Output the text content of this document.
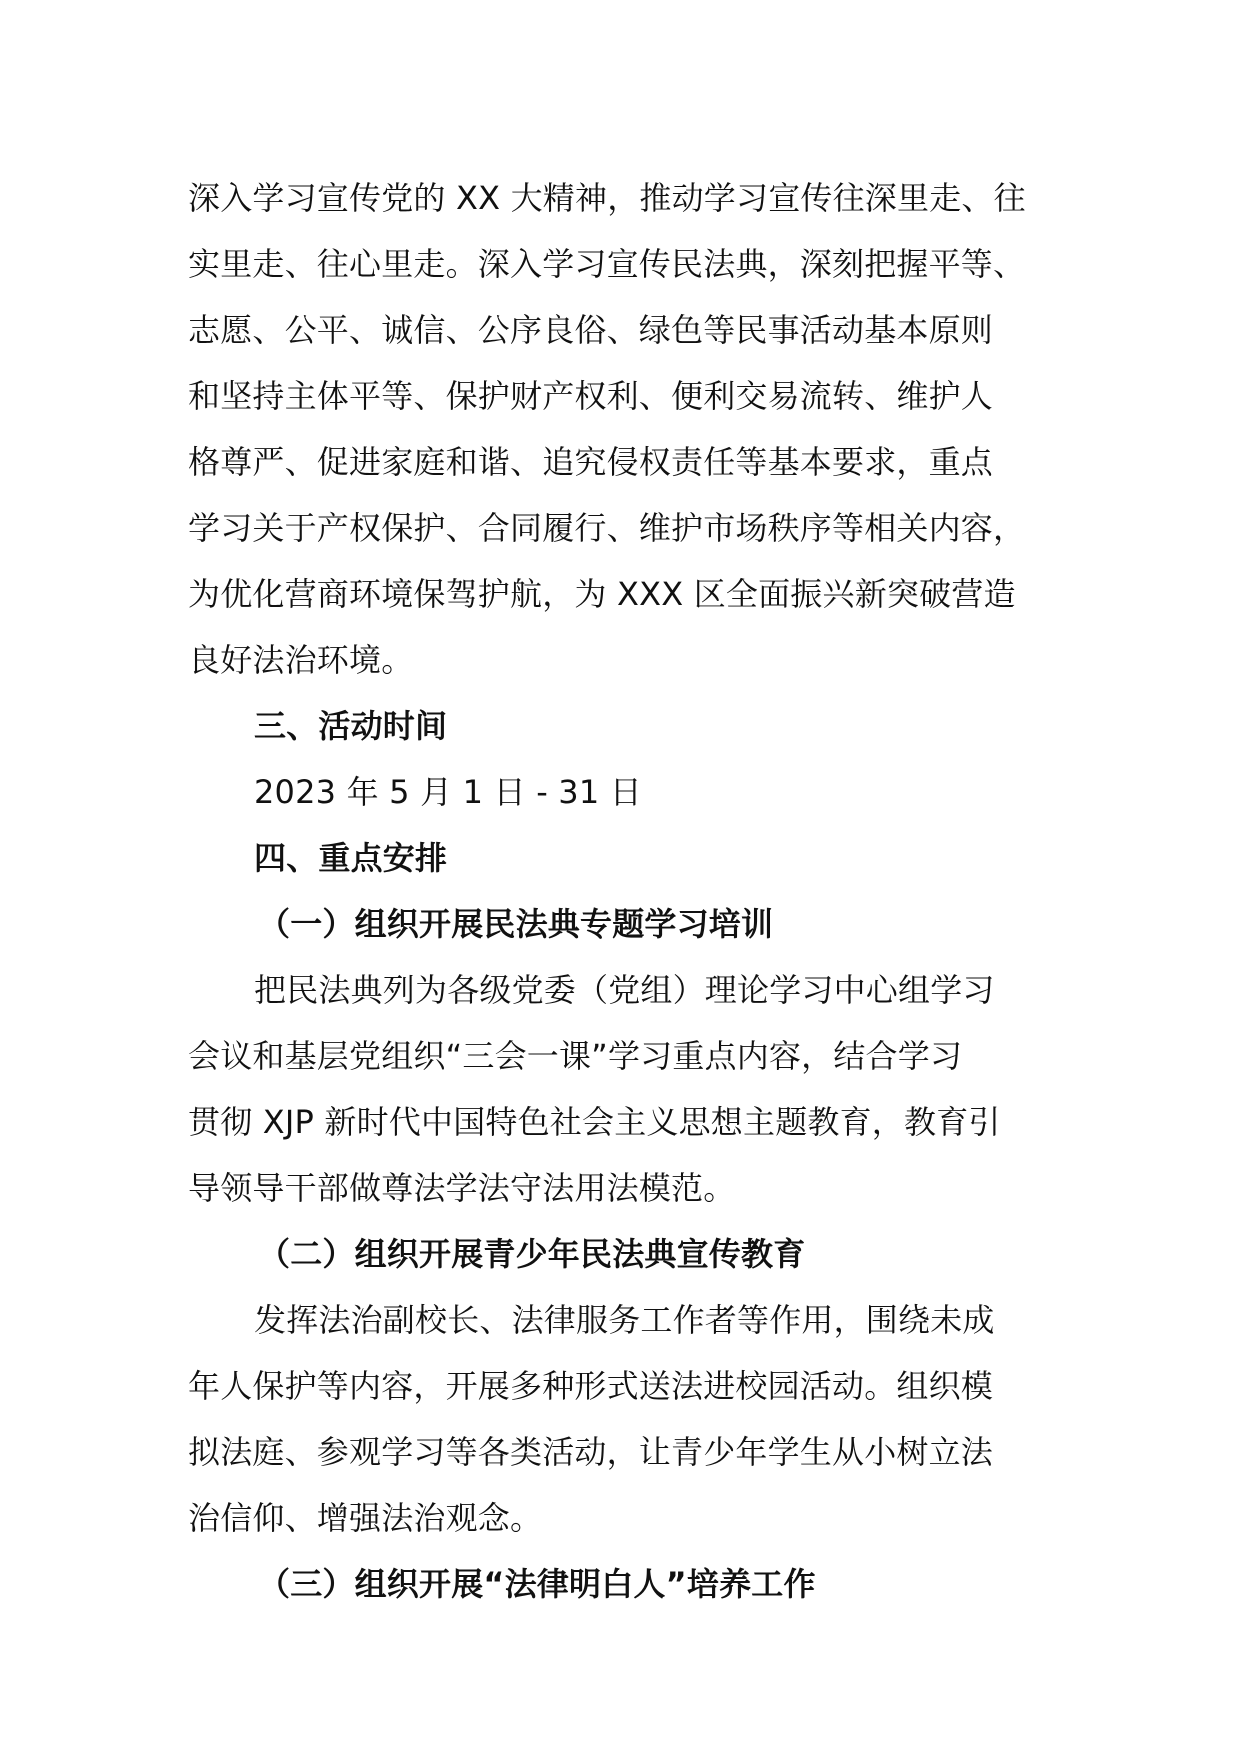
深入学习宣传党的 XX 大精神，推动学习宣传往深里走、往
实里走、往心里走。深入学习宣传民法典，深刻把握平等、
志愿、公平、诚信、公序良俗、绿色等民事活动基本原则
和坚持主体平等、保护财产权利、便利交易流转、维护人
格尊严、促进家庭和谐、追究侵权责任等基本要求，重点
学习关于产权保护、合同履行、维护市场秩序等相关内容，
为优化营商环境保驾护航，为 XXX 区全面振兴新突破营造
良好法治环境。
三、活动时间
2023 年 5 月 1 日 - 31 日
四、重点安排
（一）组织开展民法典专题学习培训
把民法典列为各级党委（党组）理论学习中心组学习
会议和基层党组织“三会一课”学习重点内容，结合学习
贯彻 XJP 新时代中国特色社会主义思想主题教育，教育引
导领导干部做尊法学法守法用法模范。
（二）组织开展青少年民法典宣传教育
发挥法治副校长、法律服务工作者等作用，围绕未成
年人保护等内容，开展多种形式送法进校园活动。组织模
拟法庭、参观学习等各类活动，让青少年学生从小树立法
治信仰、增强法治观念。
（三）组织开展“法律明白人”培养工作
